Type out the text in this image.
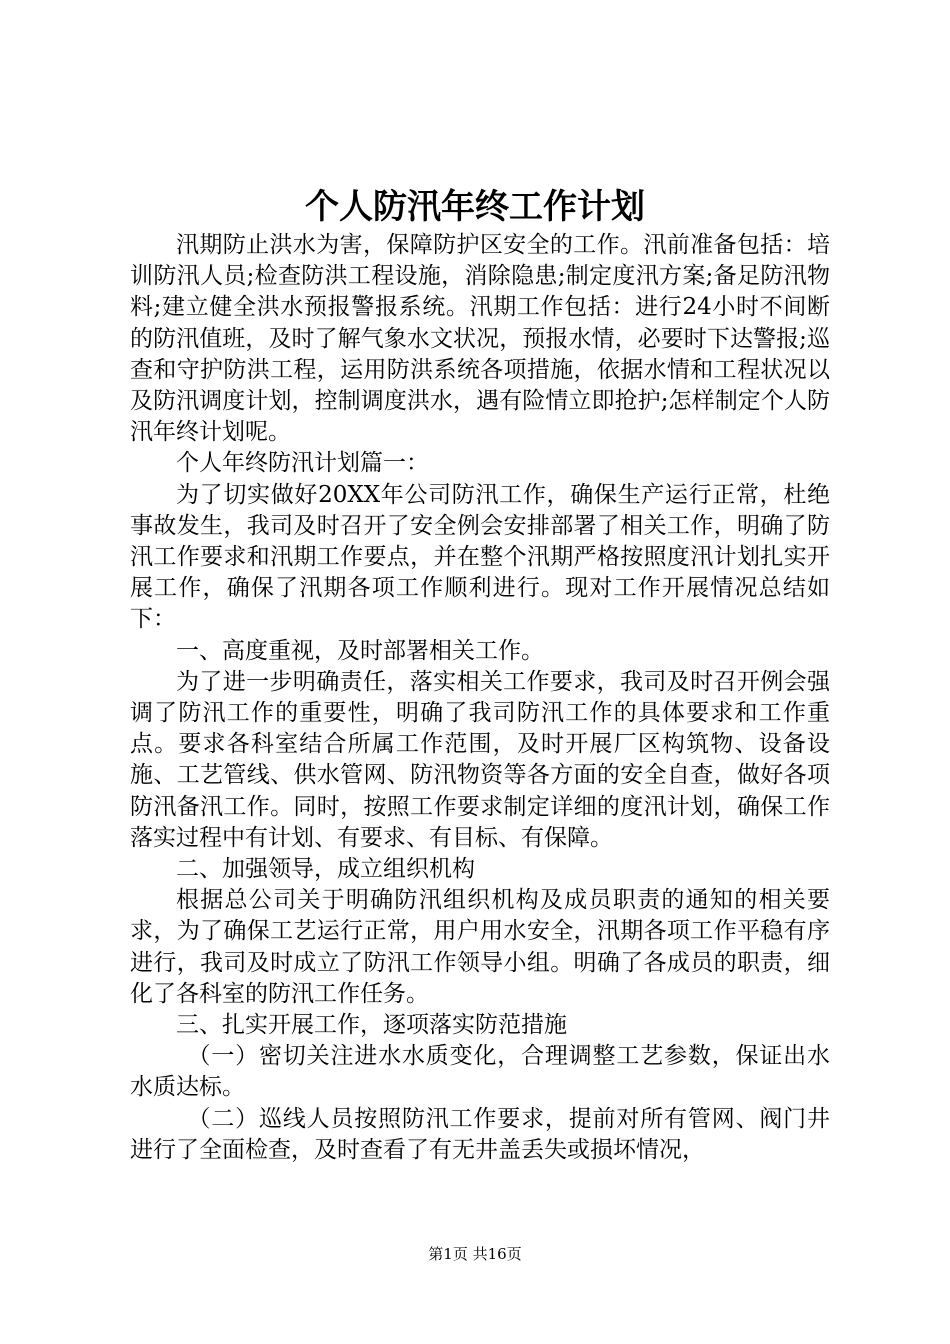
个人防汛年终工作计划

汛期防止洪水为害，保障防护区安全的工作。汛前准备包括：培训防汛人员;检查防洪工程设施，消除隐患;制定度汛方案;备足防汛物料;建立健全洪水预报警报系统。汛期工作包括：进行24小时不间断的防汛值班，及时了解气象水文状况，预报水情，必要时下达警报;巡查和守护防洪工程，运用防洪系统各项措施，依据水情和工程状况以及防汛调度计划，控制调度洪水，遇有险情立即抢护;怎样制定个人防汛年终计划呢。

个人年终防汛计划篇一：

为了切实做好20XX年公司防汛工作，确保生产运行正常，杜绝事故发生，我司及时召开了安全例会安排部署了相关工作，明确了防汛工作要求和汛期工作要点，并在整个汛期严格按照度汛计划扎实开展工作，确保了汛期各项工作顺利进行。现对工作开展情况总结如下：

一、高度重视，及时部署相关工作。

为了进一步明确责任，落实相关工作要求，我司及时召开例会强调了防汛工作的重要性，明确了我司防汛工作的具体要求和工作重点。要求各科室结合所属工作范围，及时开展厂区构筑物、设备设施、工艺管线、供水管网、防汛物资等各方面的安全自查，做好各项防汛备汛工作。同时，按照工作要求制定详细的度汛计划，确保工作落实过程中有计划、有要求、有目标、有保障。

二、加强领导，成立组织机构

根据总公司关于明确防汛组织机构及成员职责的通知的相关要求，为了确保工艺运行正常，用户用水安全，汛期各项工作平稳有序进行，我司及时成立了防汛工作领导小组。明确了各成员的职责，细化了各科室的防汛工作任务。

三、扎实开展工作，逐项落实防范措施

（一）密切关注进水水质变化，合理调整工艺参数，保证出水水质达标。

（二）巡线人员按照防汛工作要求，提前对所有管网、阀门井进行了全面检查，及时查看了有无井盖丢失或损坏情况，

第1页 共16页
